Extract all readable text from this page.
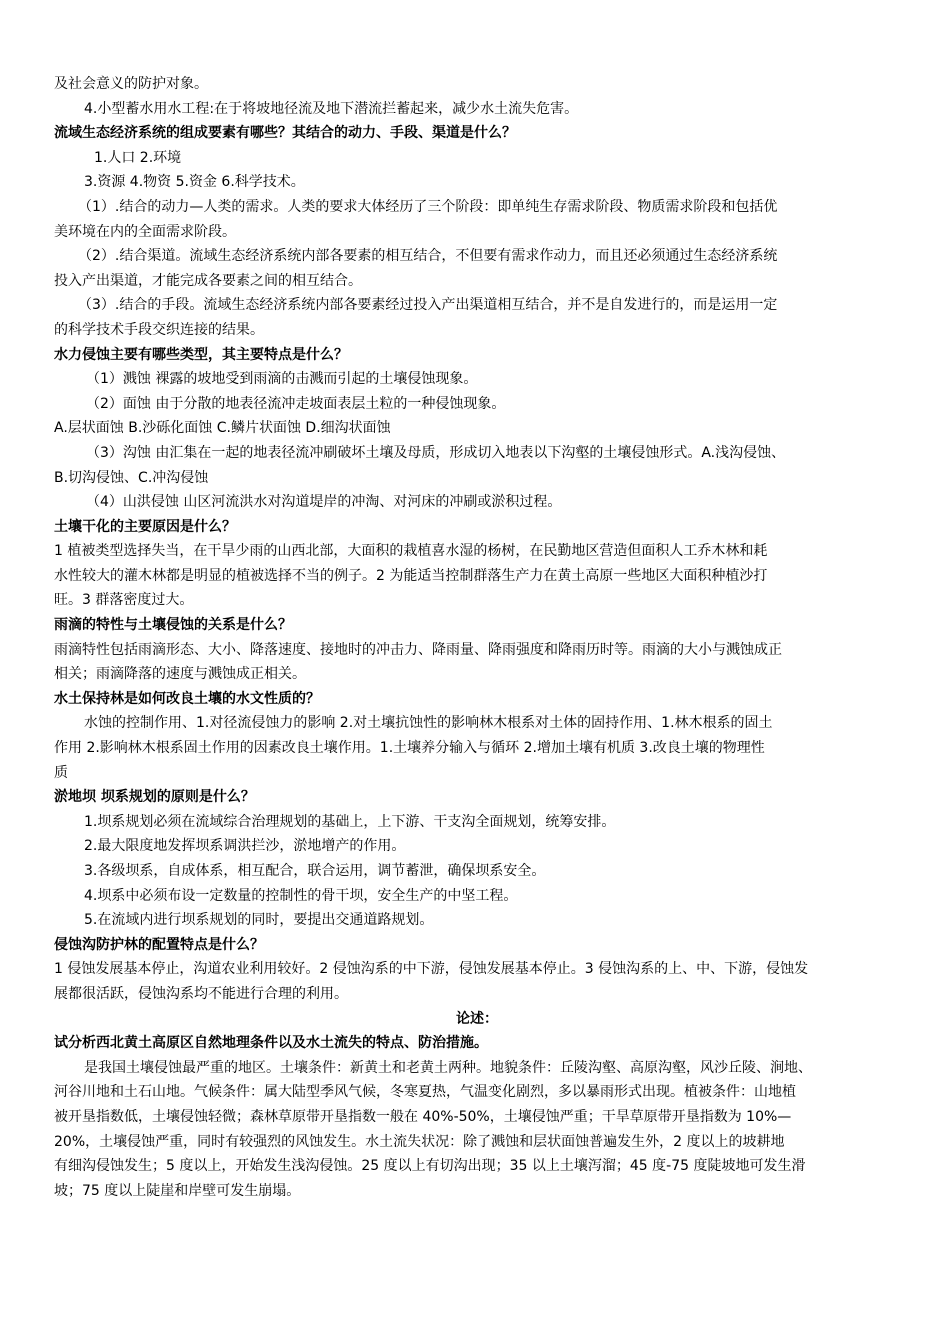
及社会意义的防护对象。
4.小型蓄水用水工程:在于将坡地径流及地下潜流拦蓄起来，减少水土流失危害。
流域生态经济系统的组成要素有哪些？其结合的动力、手段、渠道是什么？
1.人口 2.环境
3.资源 4.物资 5.资金 6.科学技术。
（1）.结合的动力—人类的需求。人类的要求大体经历了三个阶段：即单纯生存需求阶段、物质需求阶段和包括优
美环境在内的全面需求阶段。
（2）.结合渠道。流域生态经济系统内部各要素的相互结合，不但要有需求作动力，而且还必须通过生态经济系统
投入产出渠道，才能完成各要素之间的相互结合。
（3）.结合的手段。流域生态经济系统内部各要素经过投入产出渠道相互结合，并不是自发进行的，而是运用一定
的科学技术手段交织连接的结果。
水力侵蚀主要有哪些类型，其主要特点是什么？
（1）溅蚀 裸露的坡地受到雨滴的击溅而引起的土壤侵蚀现象。
（2）面蚀 由于分散的地表径流冲走坡面表层土粒的一种侵蚀现象。
A.层状面蚀 B.沙砾化面蚀 C.鳞片状面蚀 D.细沟状面蚀
（3）沟蚀 由汇集在一起的地表径流冲刷破坏土壤及母质，形成切入地表以下沟壑的土壤侵蚀形式。A.浅沟侵蚀、
B.切沟侵蚀、C.冲沟侵蚀
（4）山洪侵蚀 山区河流洪水对沟道堤岸的冲淘、对河床的冲刷或淤积过程。
土壤干化的主要原因是什么？
1 植被类型选择失当，在干旱少雨的山西北部，大面积的栽植喜水湿的杨树，在民勤地区营造但面积人工乔木林和耗
水性较大的灌木林都是明显的植被选择不当的例子。2 为能适当控制群落生产力在黄土高原一些地区大面积种植沙打
旺。3 群落密度过大。
雨滴的特性与土壤侵蚀的关系是什么？
雨滴特性包括雨滴形态、大小、降落速度、接地时的冲击力、降雨量、降雨强度和降雨历时等。雨滴的大小与溅蚀成正
相关；雨滴降落的速度与溅蚀成正相关。
水土保持林是如何改良土壤的水文性质的？
水蚀的控制作用、1.对径流侵蚀力的影响 2.对土壤抗蚀性的影响林木根系对土体的固持作用、1.林木根系的固土
作用 2.影响林木根系固土作用的因素改良土壤作用。1.土壤养分输入与循环 2.增加土壤有机质 3.改良土壤的物理性
质
淤地坝 坝系规划的原则是什么？
1.坝系规划必须在流域综合治理规划的基础上，上下游、干支沟全面规划，统筹安排。
2.最大限度地发挥坝系调洪拦沙，淤地增产的作用。
3.各级坝系，自成体系，相互配合，联合运用，调节蓄泄，确保坝系安全。
4.坝系中必须布设一定数量的控制性的骨干坝，安全生产的中坚工程。
5.在流域内进行坝系规划的同时，要提出交通道路规划。
侵蚀沟防护林的配置特点是什么？
1 侵蚀发展基本停止，沟道农业利用较好。2 侵蚀沟系的中下游，侵蚀发展基本停止。3 侵蚀沟系的上、中、下游，侵蚀发
展都很活跃，侵蚀沟系均不能进行合理的利用。
论述：
试分析西北黄土高原区自然地理条件以及水土流失的特点、防治措施。
是我国土壤侵蚀最严重的地区。土壤条件：新黄土和老黄土两种。地貌条件：丘陵沟壑、高原沟壑，风沙丘陵、涧地、
河谷川地和土石山地。气候条件：属大陆型季风气候，冬寒夏热，气温变化剧烈，多以暴雨形式出现。植被条件：山地植
被开垦指数低，土壤侵蚀轻微；森林草原带开垦指数一般在 40%-50%，土壤侵蚀严重；干旱草原带开垦指数为 10%—
20%，土壤侵蚀严重，同时有较强烈的风蚀发生。水土流失状况：除了溅蚀和层状面蚀普遍发生外，2 度以上的坡耕地
有细沟侵蚀发生；5 度以上，开始发生浅沟侵蚀。25 度以上有切沟出现；35 以上土壤泻溜；45 度-75 度陡坡地可发生滑
坡；75 度以上陡崖和岸壁可发生崩塌。
